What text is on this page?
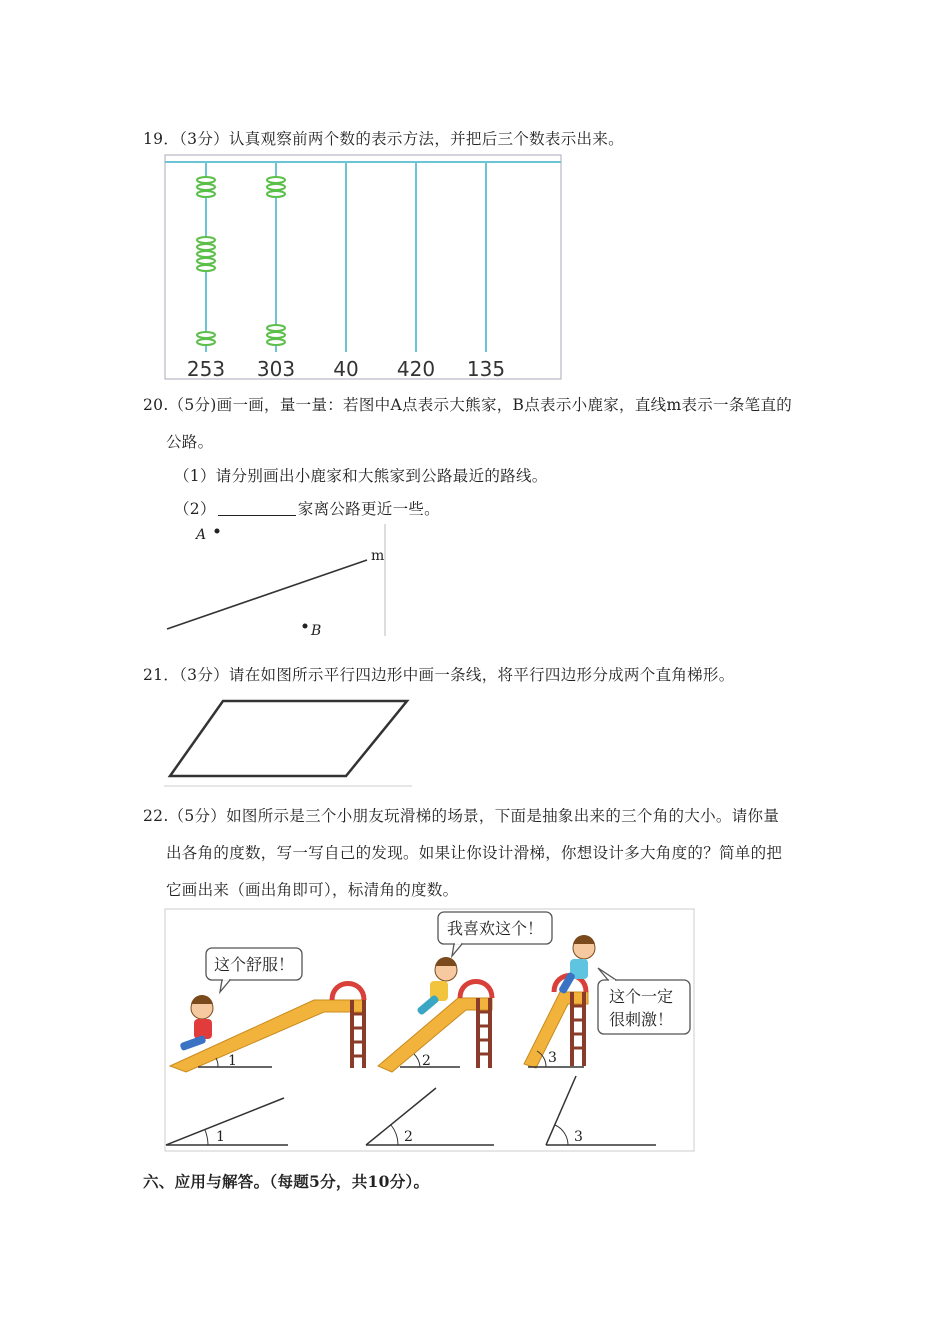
19．（3分）认真观察前两个数的表示方法，并把后三个数表示出来。
253 303 40 420 135
20.（5分)画一画，量一量：若图中A点表示大熊家，B点表示小鹿家，直线m表示一条笔直的
公路。
（1）请分别画出小鹿家和大熊家到公路最近的路线。
（2）	家离公路更近一些。
A
B
m
21．（3分）请在如图所示平行四边形中画一条线，将平行四边形分成两个直角梯形。
22.（5分）如图所示是三个小朋友玩滑梯的场景，下面是抽象出来的三个角的大小。请你量
出各角的度数，写一写自己的发现。如果让你设计滑梯，你想设计多大角度的？简单的把
它画出来（画出角即可），标清角的度数。
1
这个舒服！
2
我喜欢这个！
3
这个一定
很刺激！
1	2	3
六、应用与解答。（每题5分，共10分）。
